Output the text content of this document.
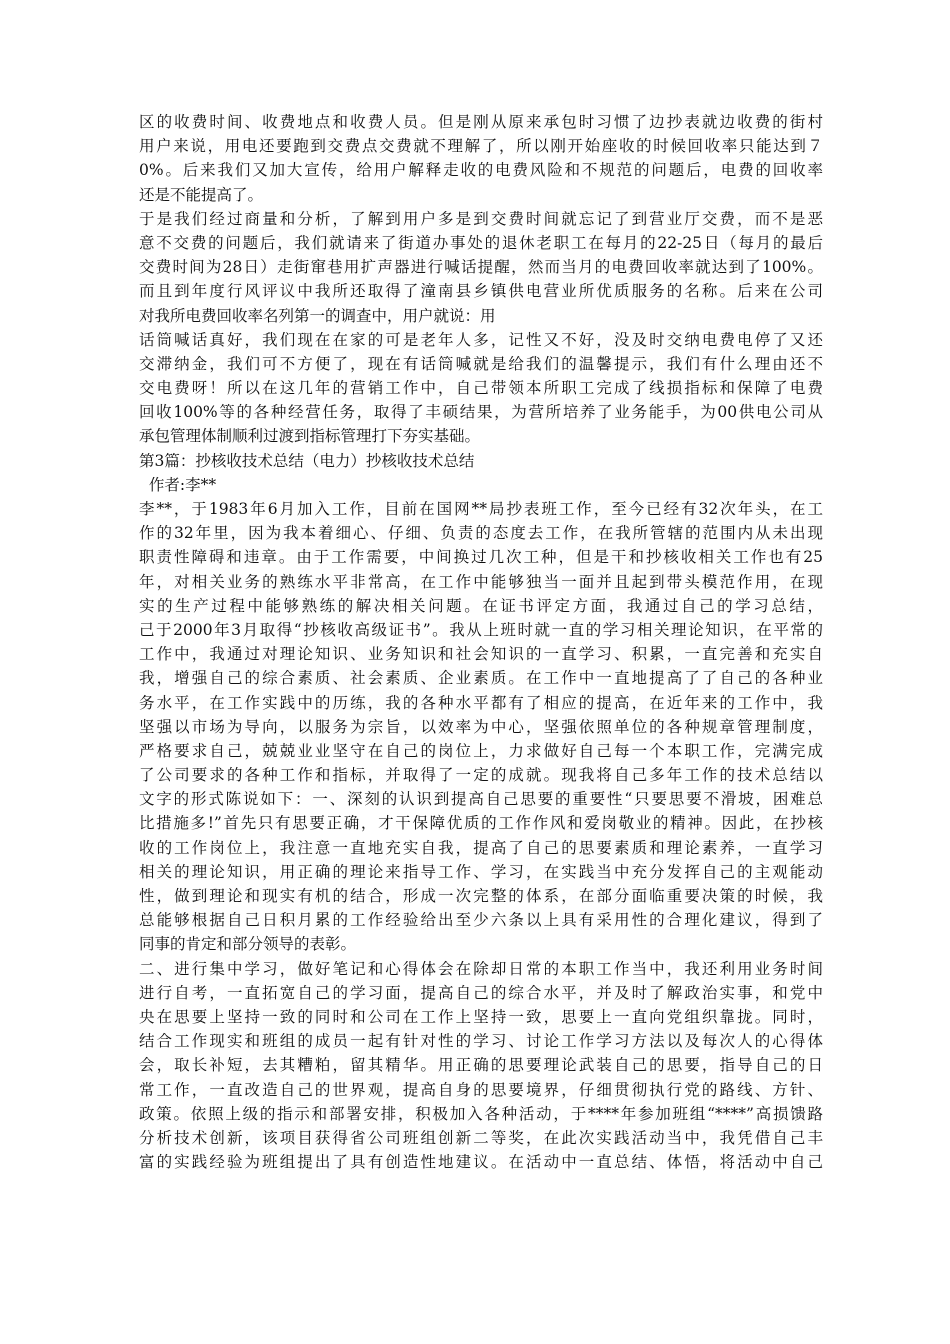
区的收费时间、收费地点和收费人员。但是刚从原来承包时习惯了边抄表就边收费的街村
用户来说，用电还要跑到交费点交费就不理解了，所以刚开始座收的时候回收率只能达到７
0%。后来我们又加大宣传，给用户解释走收的电费风险和不规范的问题后，电费的回收率
还是不能提高了。
于是我们经过商量和分析，了解到用户多是到交费时间就忘记了到营业厅交费，而不是恶
意不交费的问题后，我们就请来了街道办事处的退休老职工在每月的22-25日（每月的最后
交费时间为28日）走街窜巷用扩声器进行喊话提醒，然而当月的电费回收率就达到了100%。
而且到年度行风评议中我所还取得了潼南县乡镇供电营业所优质服务的名称。后来在公司
对我所电费回收率名列第一的调查中，用户就说：用
话筒喊话真好，我们现在在家的可是老年人多，记性又不好，没及时交纳电费电停了又还
交滞纳金，我们可不方便了，现在有话筒喊就是给我们的温馨提示，我们有什么理由还不
交电费呀！所以在这几年的营销工作中，自己带领本所职工完成了线损指标和保障了电费
回收100%等的各种经营任务，取得了丰硕结果，为营所培养了业务能手，为00供电公司从
承包管理体制顺利过渡到指标管理打下夯实基础。
第3篇：抄核收技术总结（电力）抄核收技术总结
作者:李**
李**，于1983年6月加入工作，目前在国网**局抄表班工作，至今已经有32次年头，在工
作的32年里，因为我本着细心、仔细、负责的态度去工作，在我所管辖的范围内从未出现
职责性障碍和违章。由于工作需要，中间换过几次工种，但是干和抄核收相关工作也有25
年，对相关业务的熟练水平非常高，在工作中能够独当一面并且起到带头模范作用，在现
实的生产过程中能够熟练的解决相关问题。在证书评定方面，我通过自己的学习总结，
己于2000年3月取得“抄核收高级证书”。我从上班时就一直的学习相关理论知识，在平常的
工作中，我通过对理论知识、业务知识和社会知识的一直学习、积累，一直完善和充实自
我，增强自己的综合素质、社会素质、企业素质。在工作中一直地提高了了自己的各种业
务水平，在工作实践中的历练，我的各种水平都有了相应的提高，在近年来的工作中，我
坚强以市场为导向，以服务为宗旨，以效率为中心，坚强依照单位的各种规章管理制度，
严格要求自己，兢兢业业坚守在自己的岗位上，力求做好自己每一个本职工作，完满完成
了公司要求的各种工作和指标，并取得了一定的成就。现我将自己多年工作的技术总结以
文字的形式陈说如下：一、深刻的认识到提高自己思要的重要性“只要思要不滑坡，困难总
比措施多!”首先只有思要正确，才干保障优质的工作作风和爱岗敬业的精神。因此，在抄核
收的工作岗位上，我注意一直地充实自我，提高了自己的思要素质和理论素养，一直学习
相关的理论知识，用正确的理论来指导工作、学习，在实践当中充分发挥自己的主观能动
性，做到理论和现实有机的结合，形成一次完整的体系，在部分面临重要决策的时候，我
总能够根据自己日积月累的工作经验给出至少六条以上具有采用性的合理化建议，得到了
同事的肯定和部分领导的表彰。
二、进行集中学习，做好笔记和心得体会在除却日常的本职工作当中，我还利用业务时间
进行自考，一直拓宽自己的学习面，提高自己的综合水平，并及时了解政治实事，和党中
央在思要上坚持一致的同时和公司在工作上坚持一致，思要上一直向党组织靠拢。同时，
结合工作现实和班组的成员一起有针对性的学习、讨论工作学习方法以及每次人的心得体
会，取长补短，去其糟粕，留其精华。用正确的思要理论武装自己的思要，指导自己的日
常工作，一直改造自己的世界观，提高自身的思要境界，仔细贯彻执行党的路线、方针、
政策。依照上级的指示和部署安排，积极加入各种活动，于****年参加班组“****”高损馈路
分析技术创新，该项目获得省公司班组创新二等奖，在此次实践活动当中，我凭借自己丰
富的实践经验为班组提出了具有创造性地建议。在活动中一直总结、体悟，将活动中自己
